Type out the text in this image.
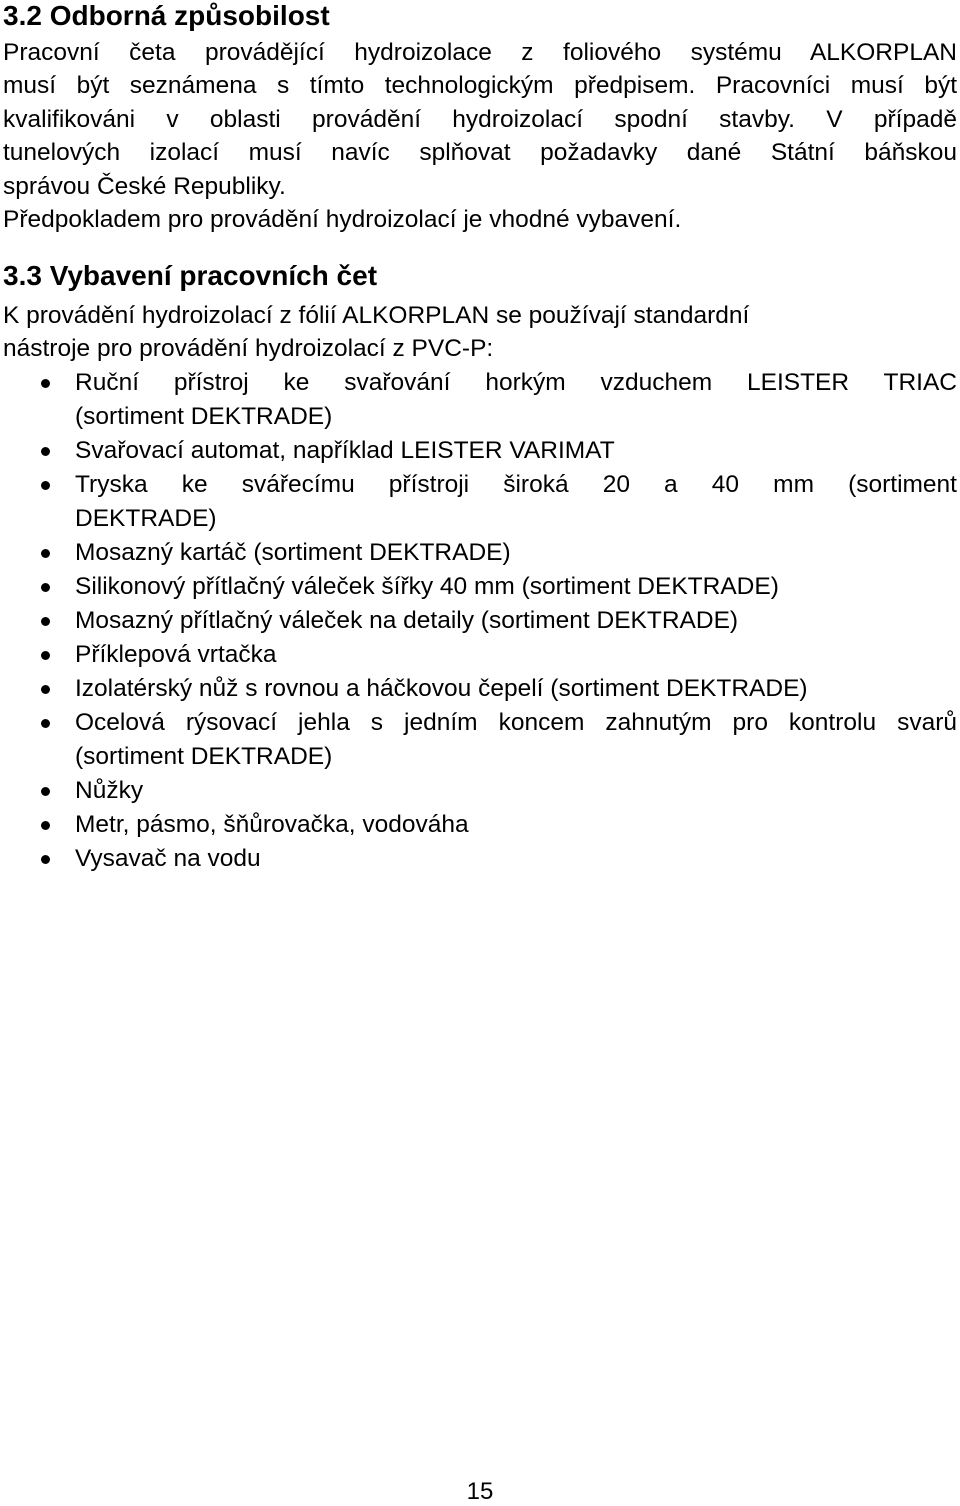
3.2 Odborná způsobilost

Pracovní četa provádějící hydroizolace z foliového systému ALKORPLAN
musí být seznámena s tímto technologickým předpisem. Pracovníci musí být
kvalifikováni v oblasti provádění hydroizolací spodní stavby. V případě
tunelových izolací musí navíc splňovat požadavky dané Státní báňskou
správou České Republiky.
Předpokladem pro provádění hydroizolací je vhodné vybavení.

3.3 Vybavení pracovních čet

K provádění hydroizolací z fólií ALKORPLAN se používají standardní
nástroje pro provádění hydroizolací z PVC-P:

Ruční přístroj ke svařování horkým vzduchem LEISTER TRIAC
(sortiment DEKTRADE)
Svařovací automat, například LEISTER VARIMAT
Tryska ke svářecímu přístroji široká 20 a 40 mm (sortiment
DEKTRADE)
Mosazný kartáč (sortiment DEKTRADE)
Silikonový přítlačný váleček šířky 40 mm (sortiment DEKTRADE)
Mosazný přítlačný váleček na detaily (sortiment DEKTRADE)
Příklepová vrtačka
Izolatérský nůž s rovnou a háčkovou čepelí (sortiment DEKTRADE)
Ocelová rýsovací jehla s jedním koncem zahnutým pro kontrolu svarů
(sortiment DEKTRADE)
Nůžky
Metr, pásmo, šňůrovačka, vodováha
Vysavač na vodu
15
